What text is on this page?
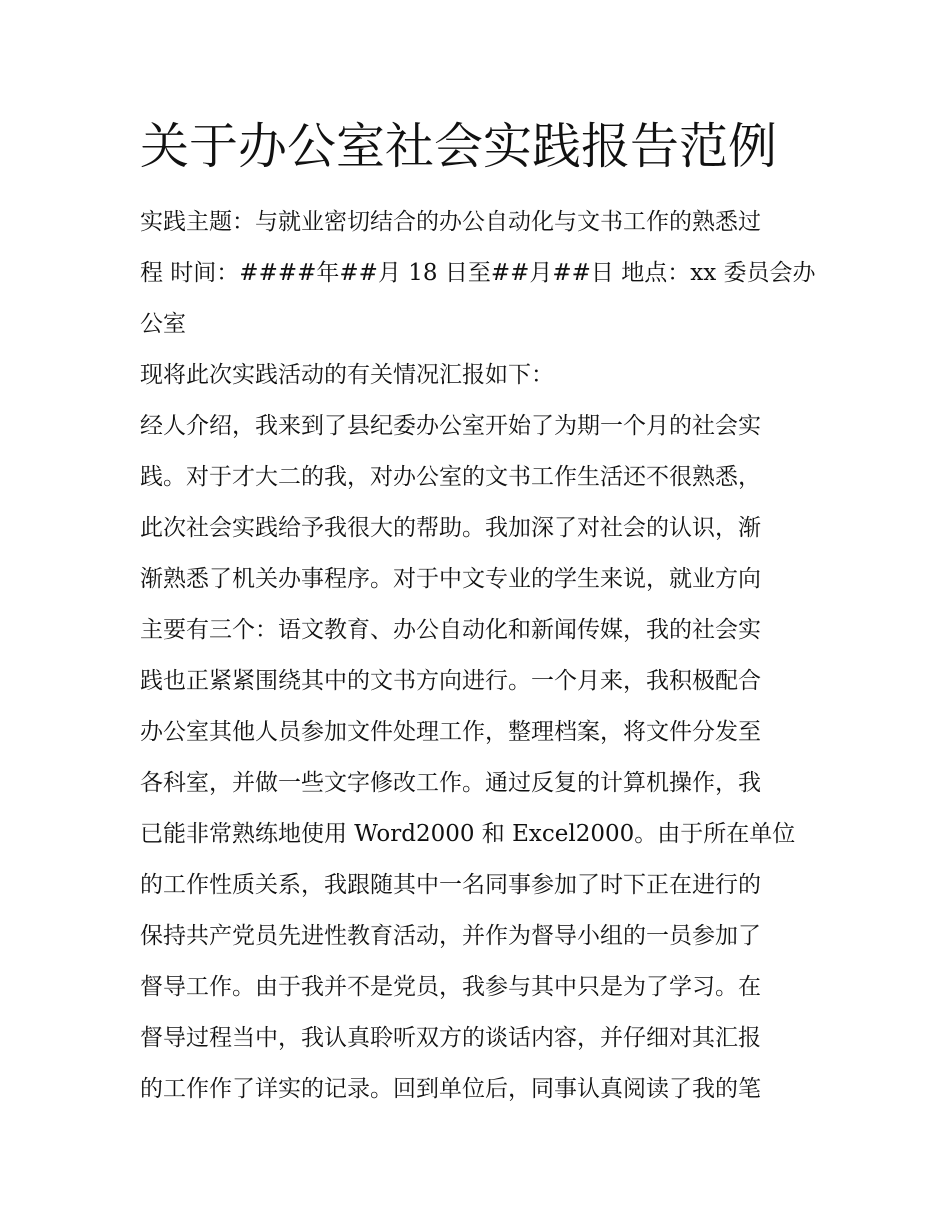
关于办公室社会实践报告范例
实践主题：与就业密切结合的办公自动化与文书工作的熟悉过
程 时间：####年##月 18 日至##月##日 地点：xx 委员会办
公室
现将此次实践活动的有关情况汇报如下：
经人介绍，我来到了县纪委办公室开始了为期一个月的社会实
践。对于才大二的我，对办公室的文书工作生活还不很熟悉，
此次社会实践给予我很大的帮助。我加深了对社会的认识，渐
渐熟悉了机关办事程序。对于中文专业的学生来说，就业方向
主要有三个：语文教育、办公自动化和新闻传媒，我的社会实
践也正紧紧围绕其中的文书方向进行。一个月来，我积极配合
办公室其他人员参加文件处理工作，整理档案，将文件分发至
各科室，并做一些文字修改工作。通过反复的计算机操作，我
已能非常熟练地使用 Word2000 和 Excel2000。由于所在单位
的工作性质关系，我跟随其中一名同事参加了时下正在进行的
保持共产党员先进性教育活动，并作为督导小组的一员参加了
督导工作。由于我并不是党员，我参与其中只是为了学习。在
督导过程当中，我认真聆听双方的谈话内容，并仔细对其汇报
的工作作了详实的记录。回到单位后，同事认真阅读了我的笔
